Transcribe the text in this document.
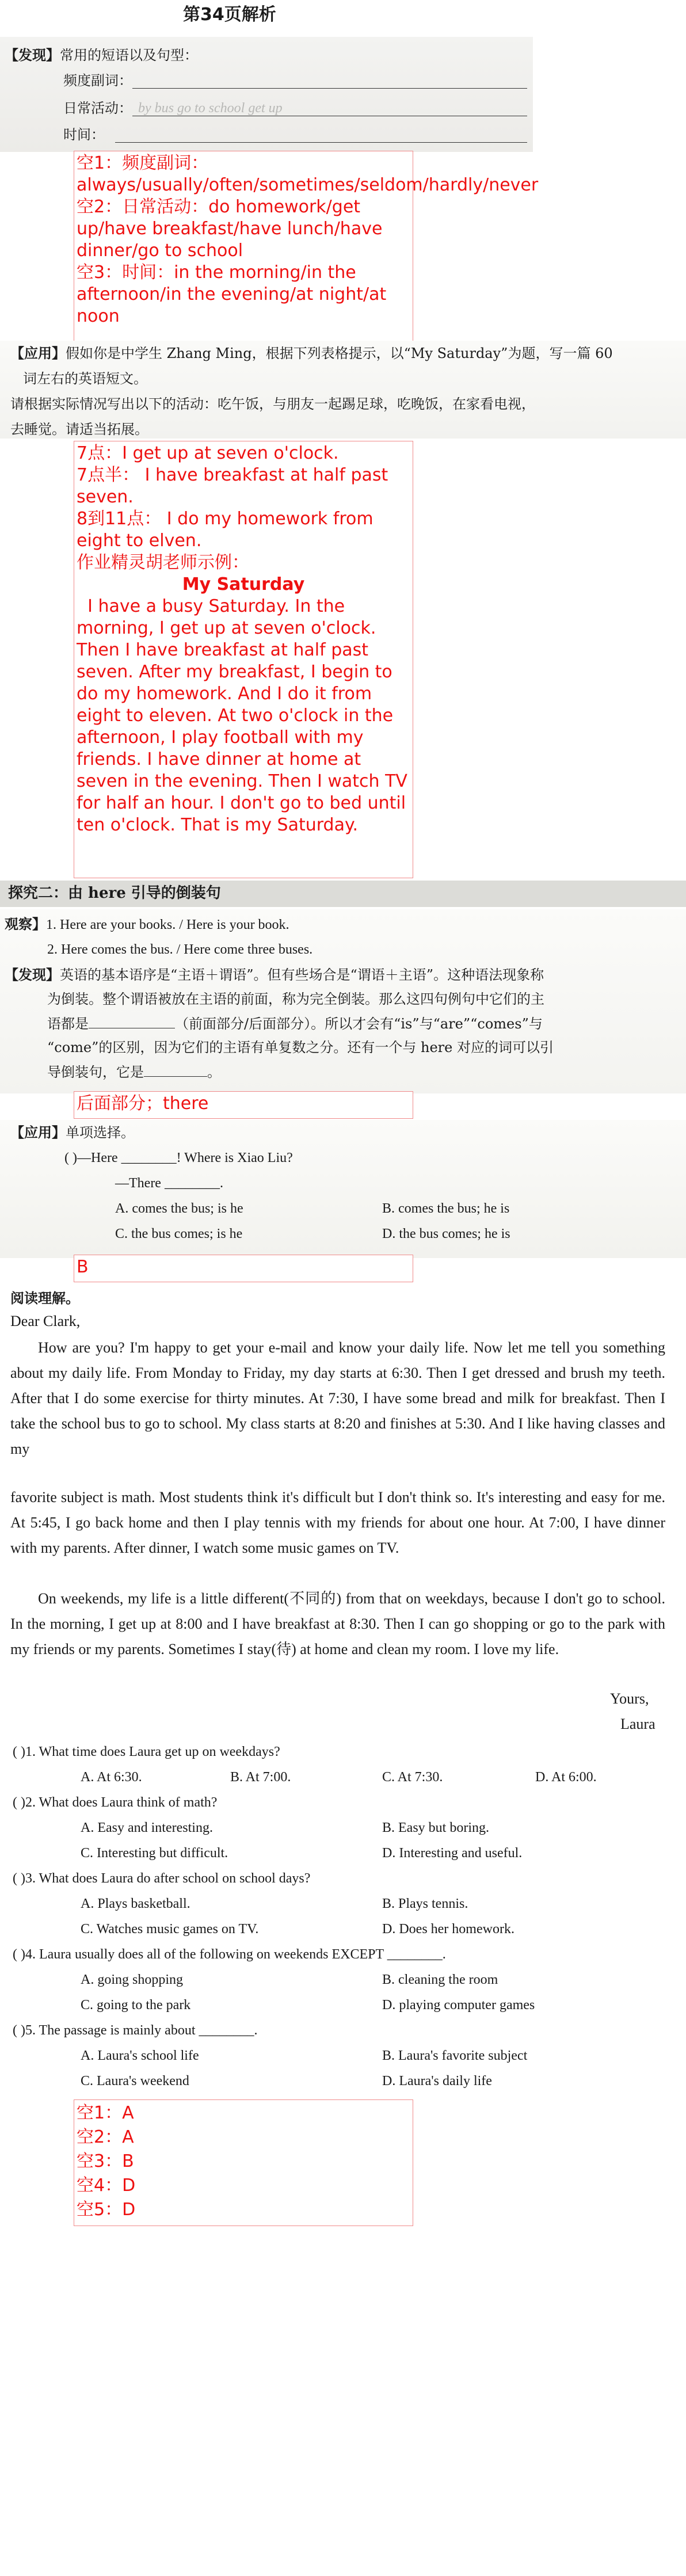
第34页解析
【发现】常用的短语以及句型：
频度副词：
日常活动： by bus go to school get up
时间：

空1：频度副词：always/usually/often/sometimes/seldom/hardly/never

空2：日常活动：do homework/get up/have breakfast/have lunch/have dinner/go to school

空3：时间：in the morning/in the afternoon/in the evening/at night/at noon

【应用】假如你是中学生 Zhang Ming，根据下列表格提示，以“My Saturday”为题，写一篇 60
词左右的英语短文。
请根据实际情况写出以下的活动：吃午饭，与朋友一起踢足球，吃晚饭，在家看电视，
去睡觉。请适当拓展。

7点：I get up at seven o'clock.

7点半： I have breakfast at half past seven.

8到11点： I do my homework from eight to elven.

作业精灵胡老师示例：

My Saturday

I have a busy Saturday. In the morning, I get up at seven o'clock. Then I have breakfast at half past seven. After my breakfast, I begin to do my homework. And I do it from eight to eleven. At two o'clock in the afternoon, I play football with my friends. I have dinner at home at seven in the evening. Then I watch TV for half an hour. I don't go to bed until ten o'clock. That is my Saturday.

探究二：由 here 引导的倒装句
观察】1. Here are your books. / Here is your book.
2. Here comes the bus. / Here come three buses.
【发现】英语的基本语序是“主语＋谓语”。但有些场合是“谓语＋主语”。这种语法现象称
为倒装。整个谓语被放在主语的前面，称为完全倒装。那么这四句例句中它们的主
语都是	（前面部分/后面部分）。所以才会有“is”与“are”“comes”与
“come”的区别，因为它们的主语有单复数之分。还有一个与 here 对应的词可以引
导倒装句，它是	。

后面部分；there

【应用】单项选择。
( )—Here ________! Where is Xiao Liu?
—There ________.
A. comes the bus; is he	B. comes the bus; he is
C. the bus comes; is he	D. the bus comes; he is

B

阅读理解。
Dear Clark,

How are you? I'm happy to get your e-mail and know your daily life. Now let me tell you something about my daily life. From Monday to Friday, my day starts at 6:30. Then I get dressed and brush my teeth. After that I do some exercise for thirty minutes. At 7:30, I have some bread and milk for breakfast. Then I take the school bus to go to school. My class starts at 8:20 and finishes at 5:30. And I like having classes and my

favorite subject is math. Most students think it's difficult but I don't think so. It's interesting and easy for me. At 5:45, I go back home and then I play tennis with my friends for about one hour. At 7:00, I have dinner with my parents. After dinner, I watch some music games on TV.

On weekends, my life is a little different(不同的) from that on weekdays, because I don't go to school. In the morning, I get up at 8:00 and I have breakfast at 8:30. Then I can go shopping or go to the park with my friends or my parents. Sometimes I stay(待) at home and clean my room. I love my life.

Yours,
Laura
( )1. What time does Laura get up on weekdays?
A. At 6:30.	B. At 7:00.	C. At 7:30.	D. At 6:00.
( )2. What does Laura think of math?
A. Easy and interesting.	B. Easy but boring.
C. Interesting but difficult.	D. Interesting and useful.
( )3. What does Laura do after school on school days?
A. Plays basketball.	B. Plays tennis.
C. Watches music games on TV.	D. Does her homework.
( )4. Laura usually does all of the following on weekends EXCEPT ________.
A. going shopping	B. cleaning the room
C. going to the park	D. playing computer games
( )5. The passage is mainly about ________.
A. Laura's school life	B. Laura's favorite subject
C. Laura's weekend	D. Laura's daily life

空1：A

空2：A

空3：B

空4：D

空5：D
